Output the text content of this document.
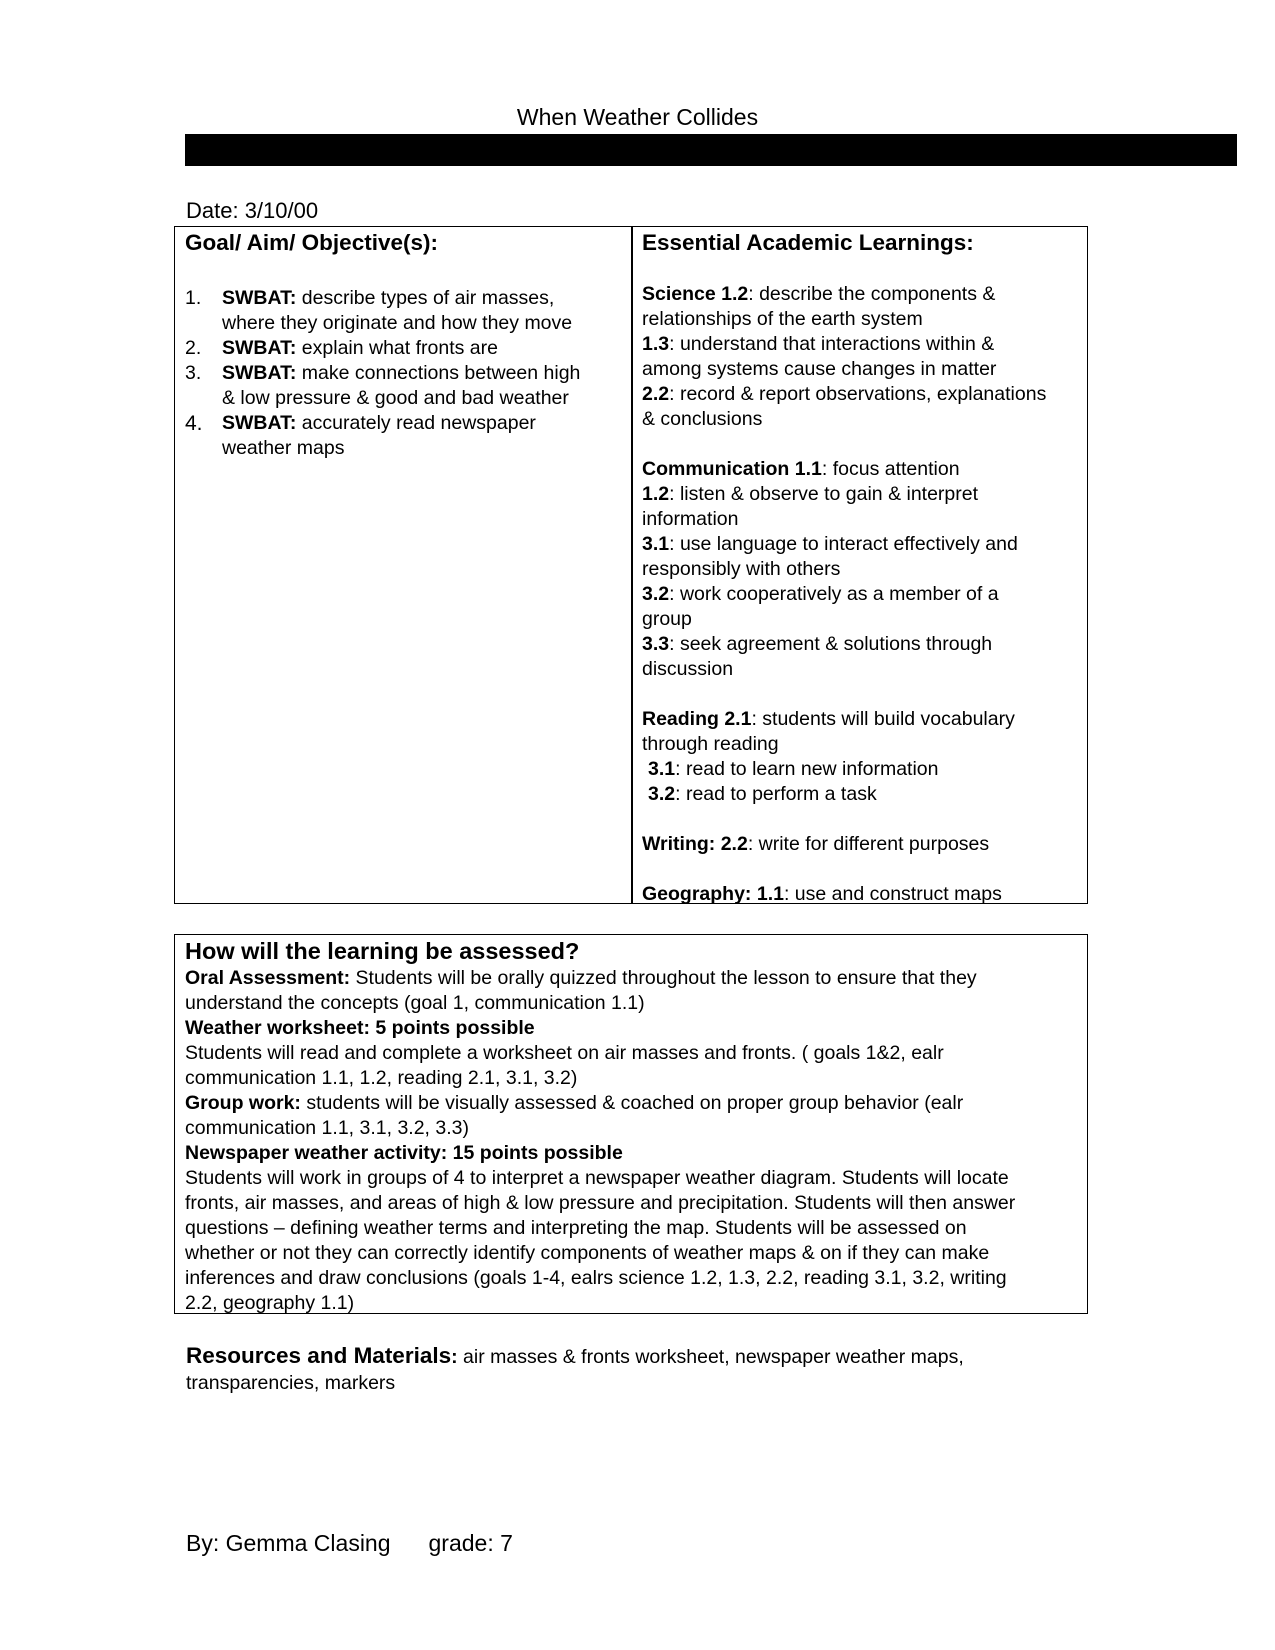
When Weather Collides
Date: 3/10/00
Goal/ Aim/ Objective(s):
1. SWBAT: describe types of air masses,
where they originate and how they move
2. SWBAT: explain what fronts are
3. SWBAT: make connections between high
& low pressure & good and bad weather
4. SWBAT: accurately read newspaper
weather maps
Essential Academic Learnings:
Science 1.2: describe the components &
relationships of the earth system
1.3: understand that interactions within &
among systems cause changes in matter
2.2: record & report observations, explanations
& conclusions
Communication 1.1: focus attention
1.2: listen & observe to gain & interpret
information
3.1: use language to interact effectively and
responsibly with others
3.2: work cooperatively as a member of a
group
3.3: seek agreement & solutions through
discussion
Reading 2.1: students will build vocabulary
through reading
3.1: read to learn new information
3.2: read to perform a task
Writing: 2.2: write for different purposes
Geography: 1.1: use and construct maps
How will the learning be assessed?
Oral Assessment: Students will be orally quizzed throughout the lesson to ensure that they
understand the concepts (goal 1, communication 1.1)
Weather worksheet: 5 points possible
Students will read and complete a worksheet on air masses and fronts. ( goals 1&2, ealr
communication 1.1, 1.2, reading 2.1, 3.1, 3.2)
Group work: students will be visually assessed & coached on proper group behavior (ealr
communication 1.1, 3.1, 3.2, 3.3)
Newspaper weather activity: 15 points possible
Students will work in groups of 4 to interpret a newspaper weather diagram. Students will locate
fronts, air masses, and areas of high & low pressure and precipitation. Students will then answer
questions – defining weather terms and interpreting the map. Students will be assessed on
whether or not they can correctly identify components of weather maps & on if they can make
inferences and draw conclusions (goals 1-4, ealrs science 1.2, 1.3, 2.2, reading 3.1, 3.2, writing
2.2, geography 1.1)
Resources and Materials: air masses & fronts worksheet, newspaper weather maps,
transparencies, markers
By: Gemma Clasing grade: 7
